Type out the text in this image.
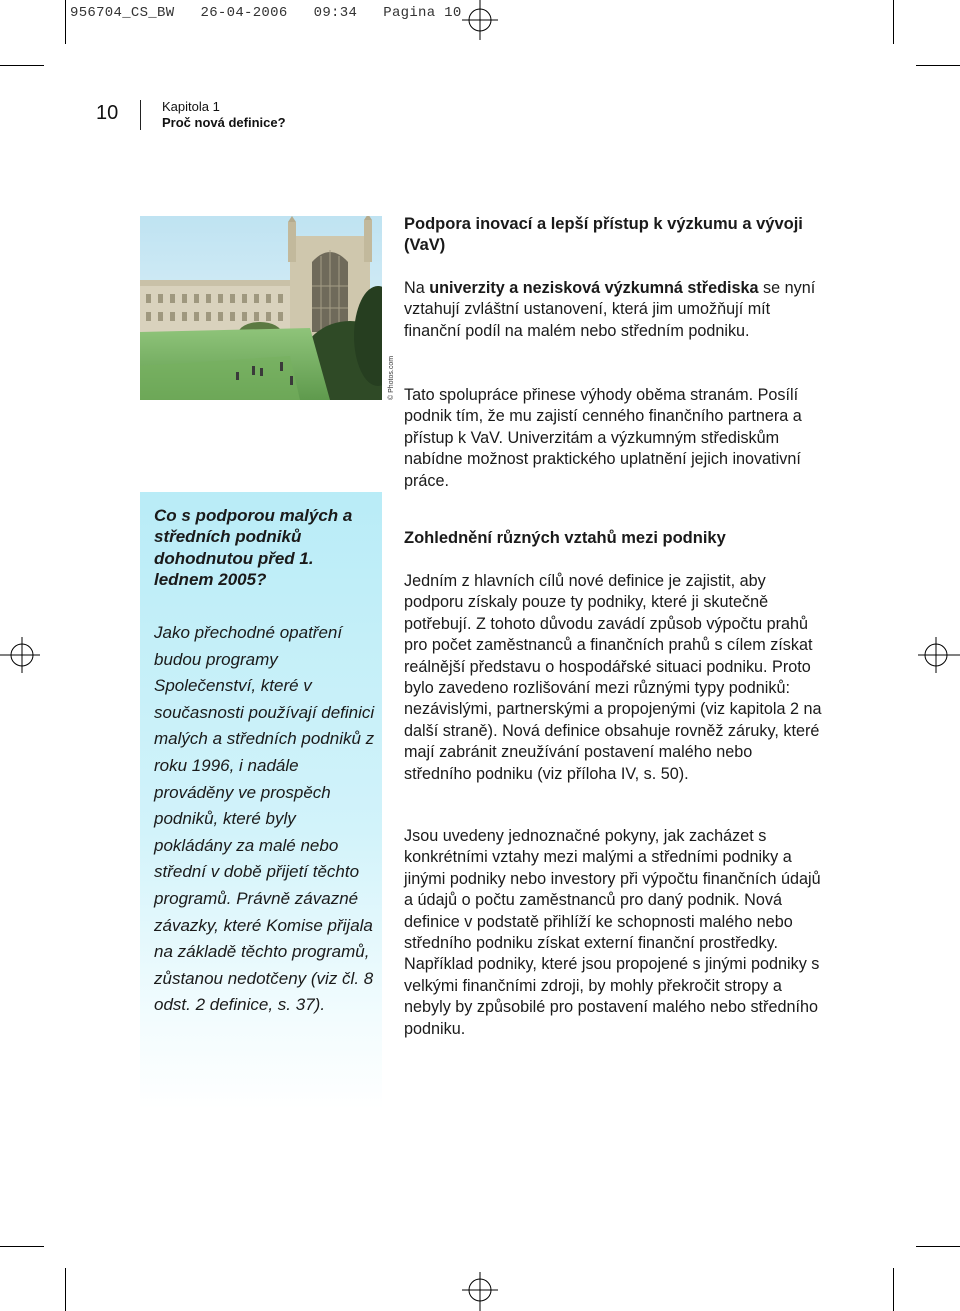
956704_CS_BW   26-04-2006   09:34   Pagina 10
10	Kapitola 1
Proč nová definice?
© Photos.com
Co s podporou malých a středních podniků dohodnutou před 1. lednem 2005?
Jako přechodné opatření budou programy Společenství, které v současnosti používají definici malých a středních podniků z roku 1996, i nadále prováděny ve prospěch podniků, které byly pokládány za malé nebo střední v době přijetí těchto programů. Právně závazné závazky, které Komise přijala na základě těchto programů, zůstanou nedotčeny (viz čl. 8 odst. 2 definice, s. 37).

Podpora inovací a lepší přístup k výzkumu a vývoji (VaV)

Na univerzity a nezisková výzkumná střediska se nyní vztahují zvláštní ustanovení, která jim umožňují mít finanční podíl na malém nebo středním podniku.

Tato spolupráce přinese výhody oběma stranám. Posílí podnik tím, že mu zajistí cenného finančního partnera a přístup k VaV. Univerzitám a výzkumným střediskům nabídne možnost praktického uplatnění jejich inovativní práce.

Zohlednění různých vztahů mezi podniky

Jedním z hlavních cílů nové definice je zajistit, aby podporu získaly pouze ty podniky, které ji skutečně potřebují. Z tohoto důvodu zavádí způsob výpočtu prahů pro počet zaměstnanců a finančních prahů s cílem získat reálnější představu o hospodářské situaci podniku. Proto bylo zavedeno rozlišování mezi různými typy podniků: nezávislými, partnerskými a propojenými (viz kapitola 2 na další straně). Nová definice obsahuje rovněž záruky, které mají zabránit zneužívání postavení malého nebo středního podniku (viz příloha IV, s. 50).

Jsou uvedeny jednoznačné pokyny, jak zacházet s konkrétními vztahy mezi malými a středními podniky a jinými podniky nebo investory při výpočtu finančních údajů a údajů o počtu zaměstnanců pro daný podnik. Nová definice v podstatě přihlíží ke schopnosti malého nebo středního podniku získat externí finanční prostředky. Například podniky, které jsou propojené s jinými podniky s velkými finančními zdroji, by mohly překročit stropy a nebyly by způsobilé pro postavení malého nebo středního podniku.
